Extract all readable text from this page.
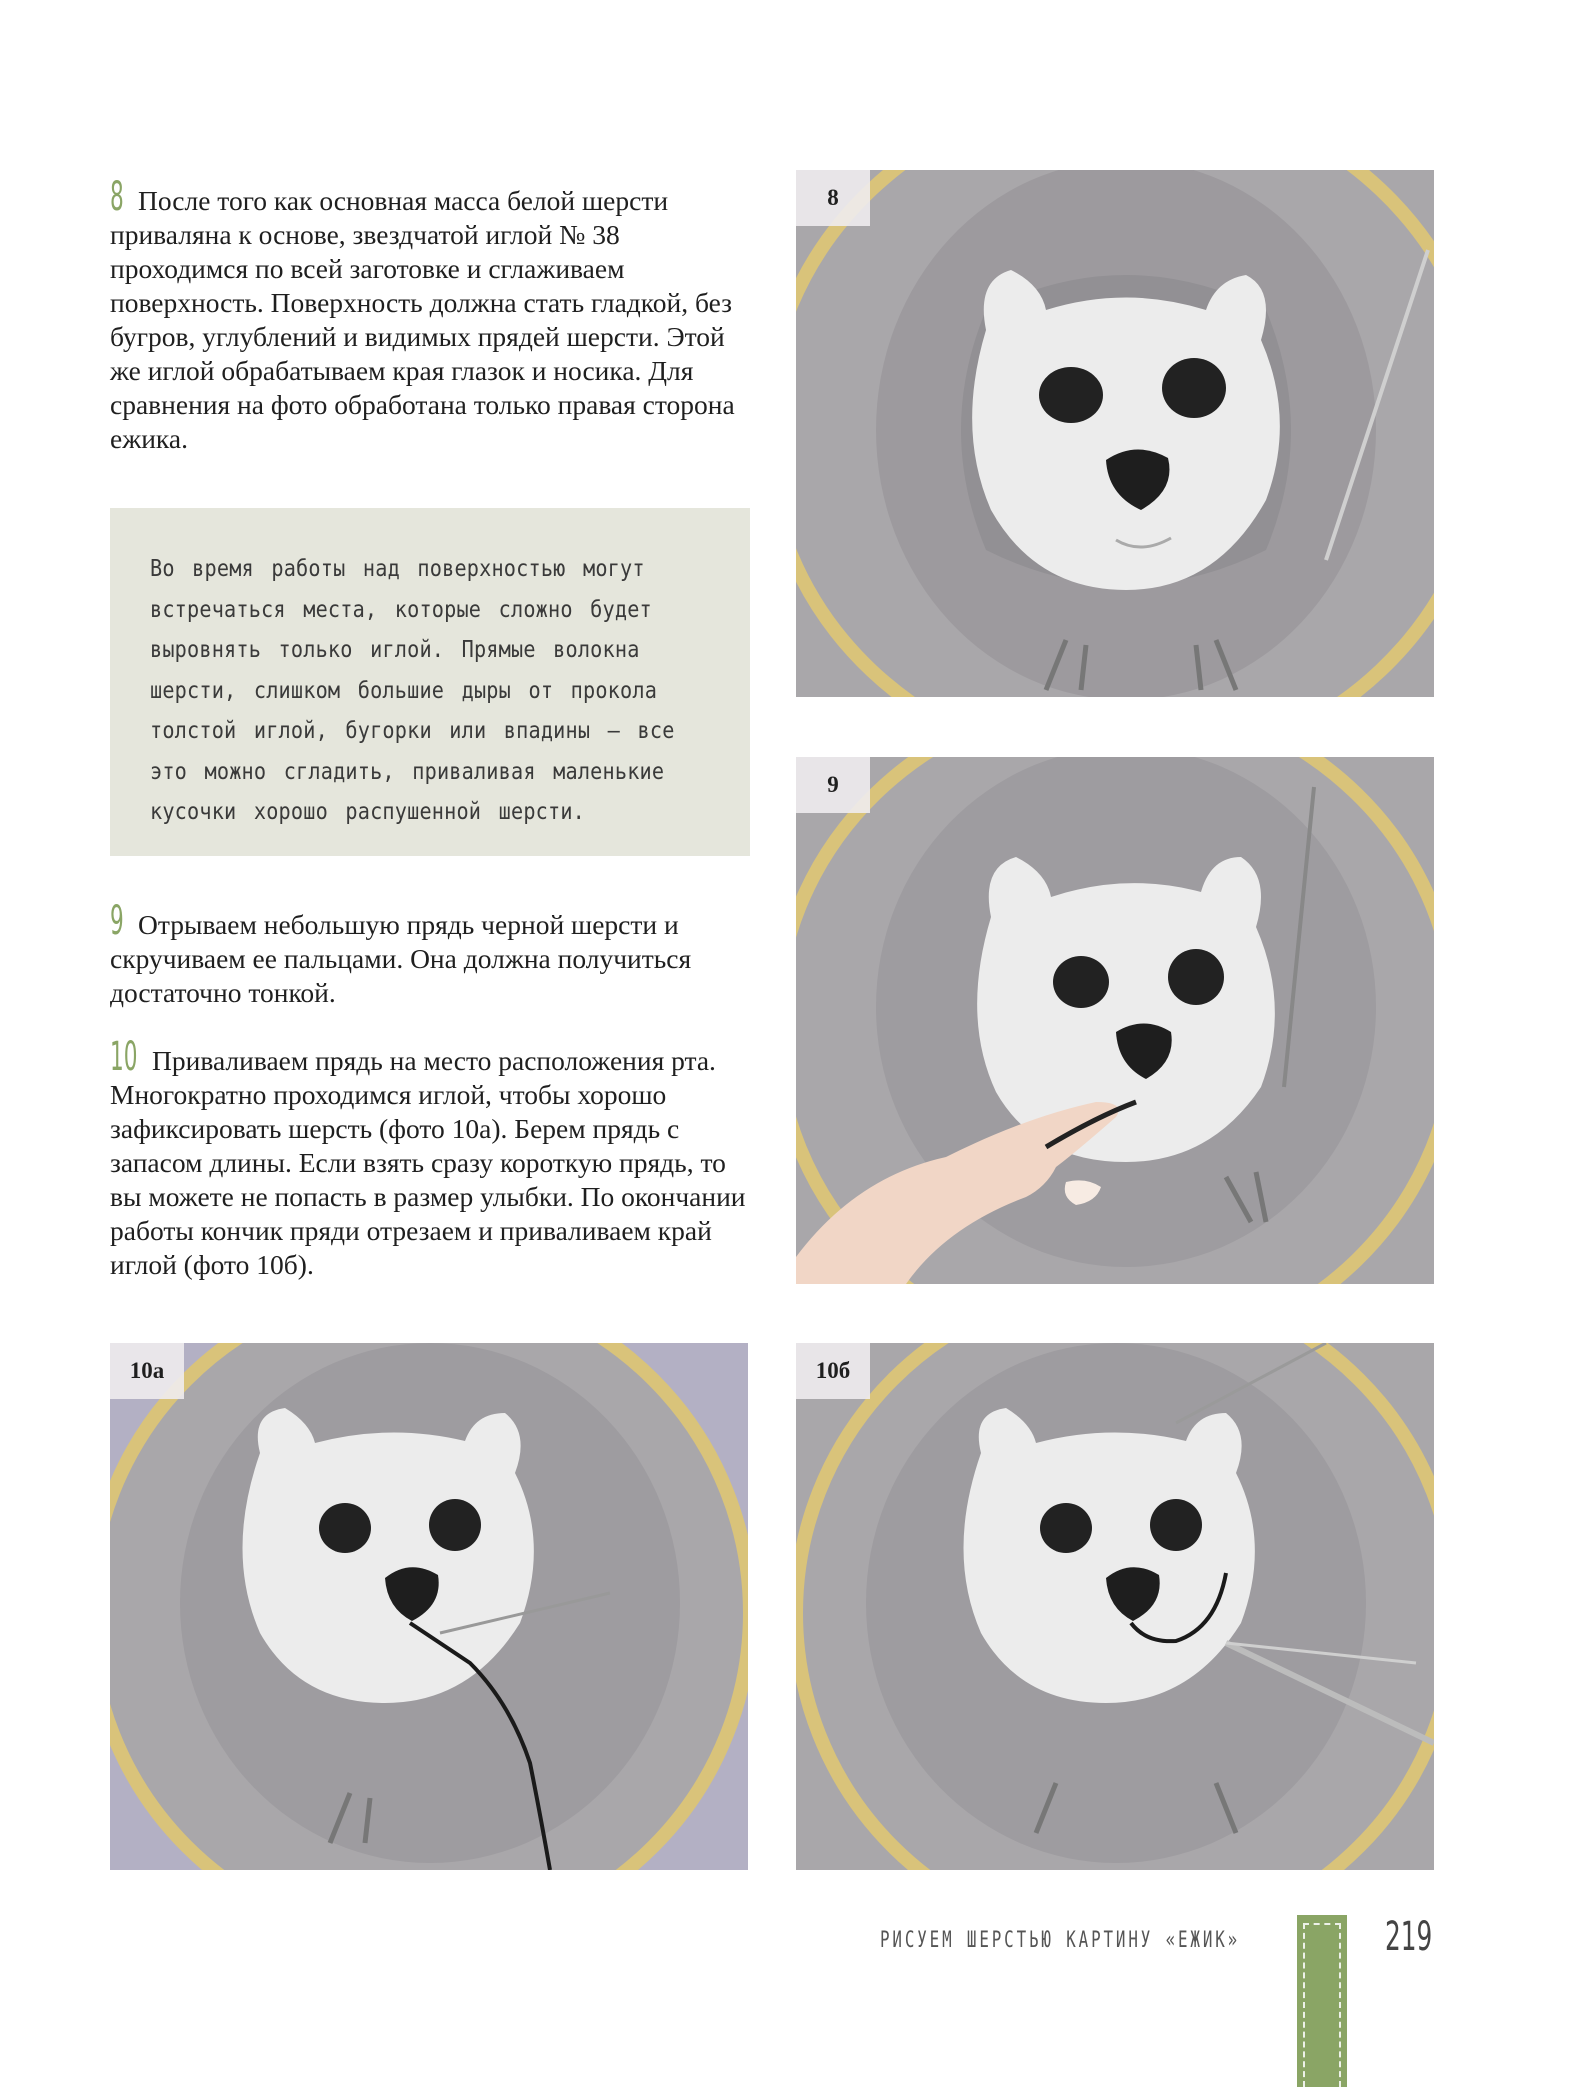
8 После того как основная масса белой шерсти приваляна к основе, звездчатой иглой № 38 проходимся по всей заготовке и сглаживаем поверхность. Поверхность должна стать гладкой, без бугров, углублений и видимых прядей шерсти. Этой же иглой обрабатываем края глазок и носика. Для сравнения на фото обработана только правая сторона ежика.

Во время работы над поверхностью могут встречаться места, которые сложно будет выровнять только иглой. Прямые волокна шерсти, слишком большие дыры от прокола толстой иглой, бугорки или впадины — все это можно сгладить, приваливая маленькие кусочки хорошо распушенной шерсти.

9 Отрываем небольшую прядь черной шерсти и скручиваем ее пальцами. Она должна получиться достаточно тонкой.
10 Приваливаем прядь на место расположения рта. Многократно проходимся иглой, чтобы хорошо зафиксировать шерсть (фото 10а). Берем прядь с запасом длины. Если взять сразу короткую прядь, то вы можете не попасть в размер улыбки. По окончании работы кончик пряди отрезаем и приваливаем край иглой (фото 10б).
8
9
10а	10б
РИСУЕМ ШЕРСТЬЮ КАРТИНУ «ЕЖИК»	219
